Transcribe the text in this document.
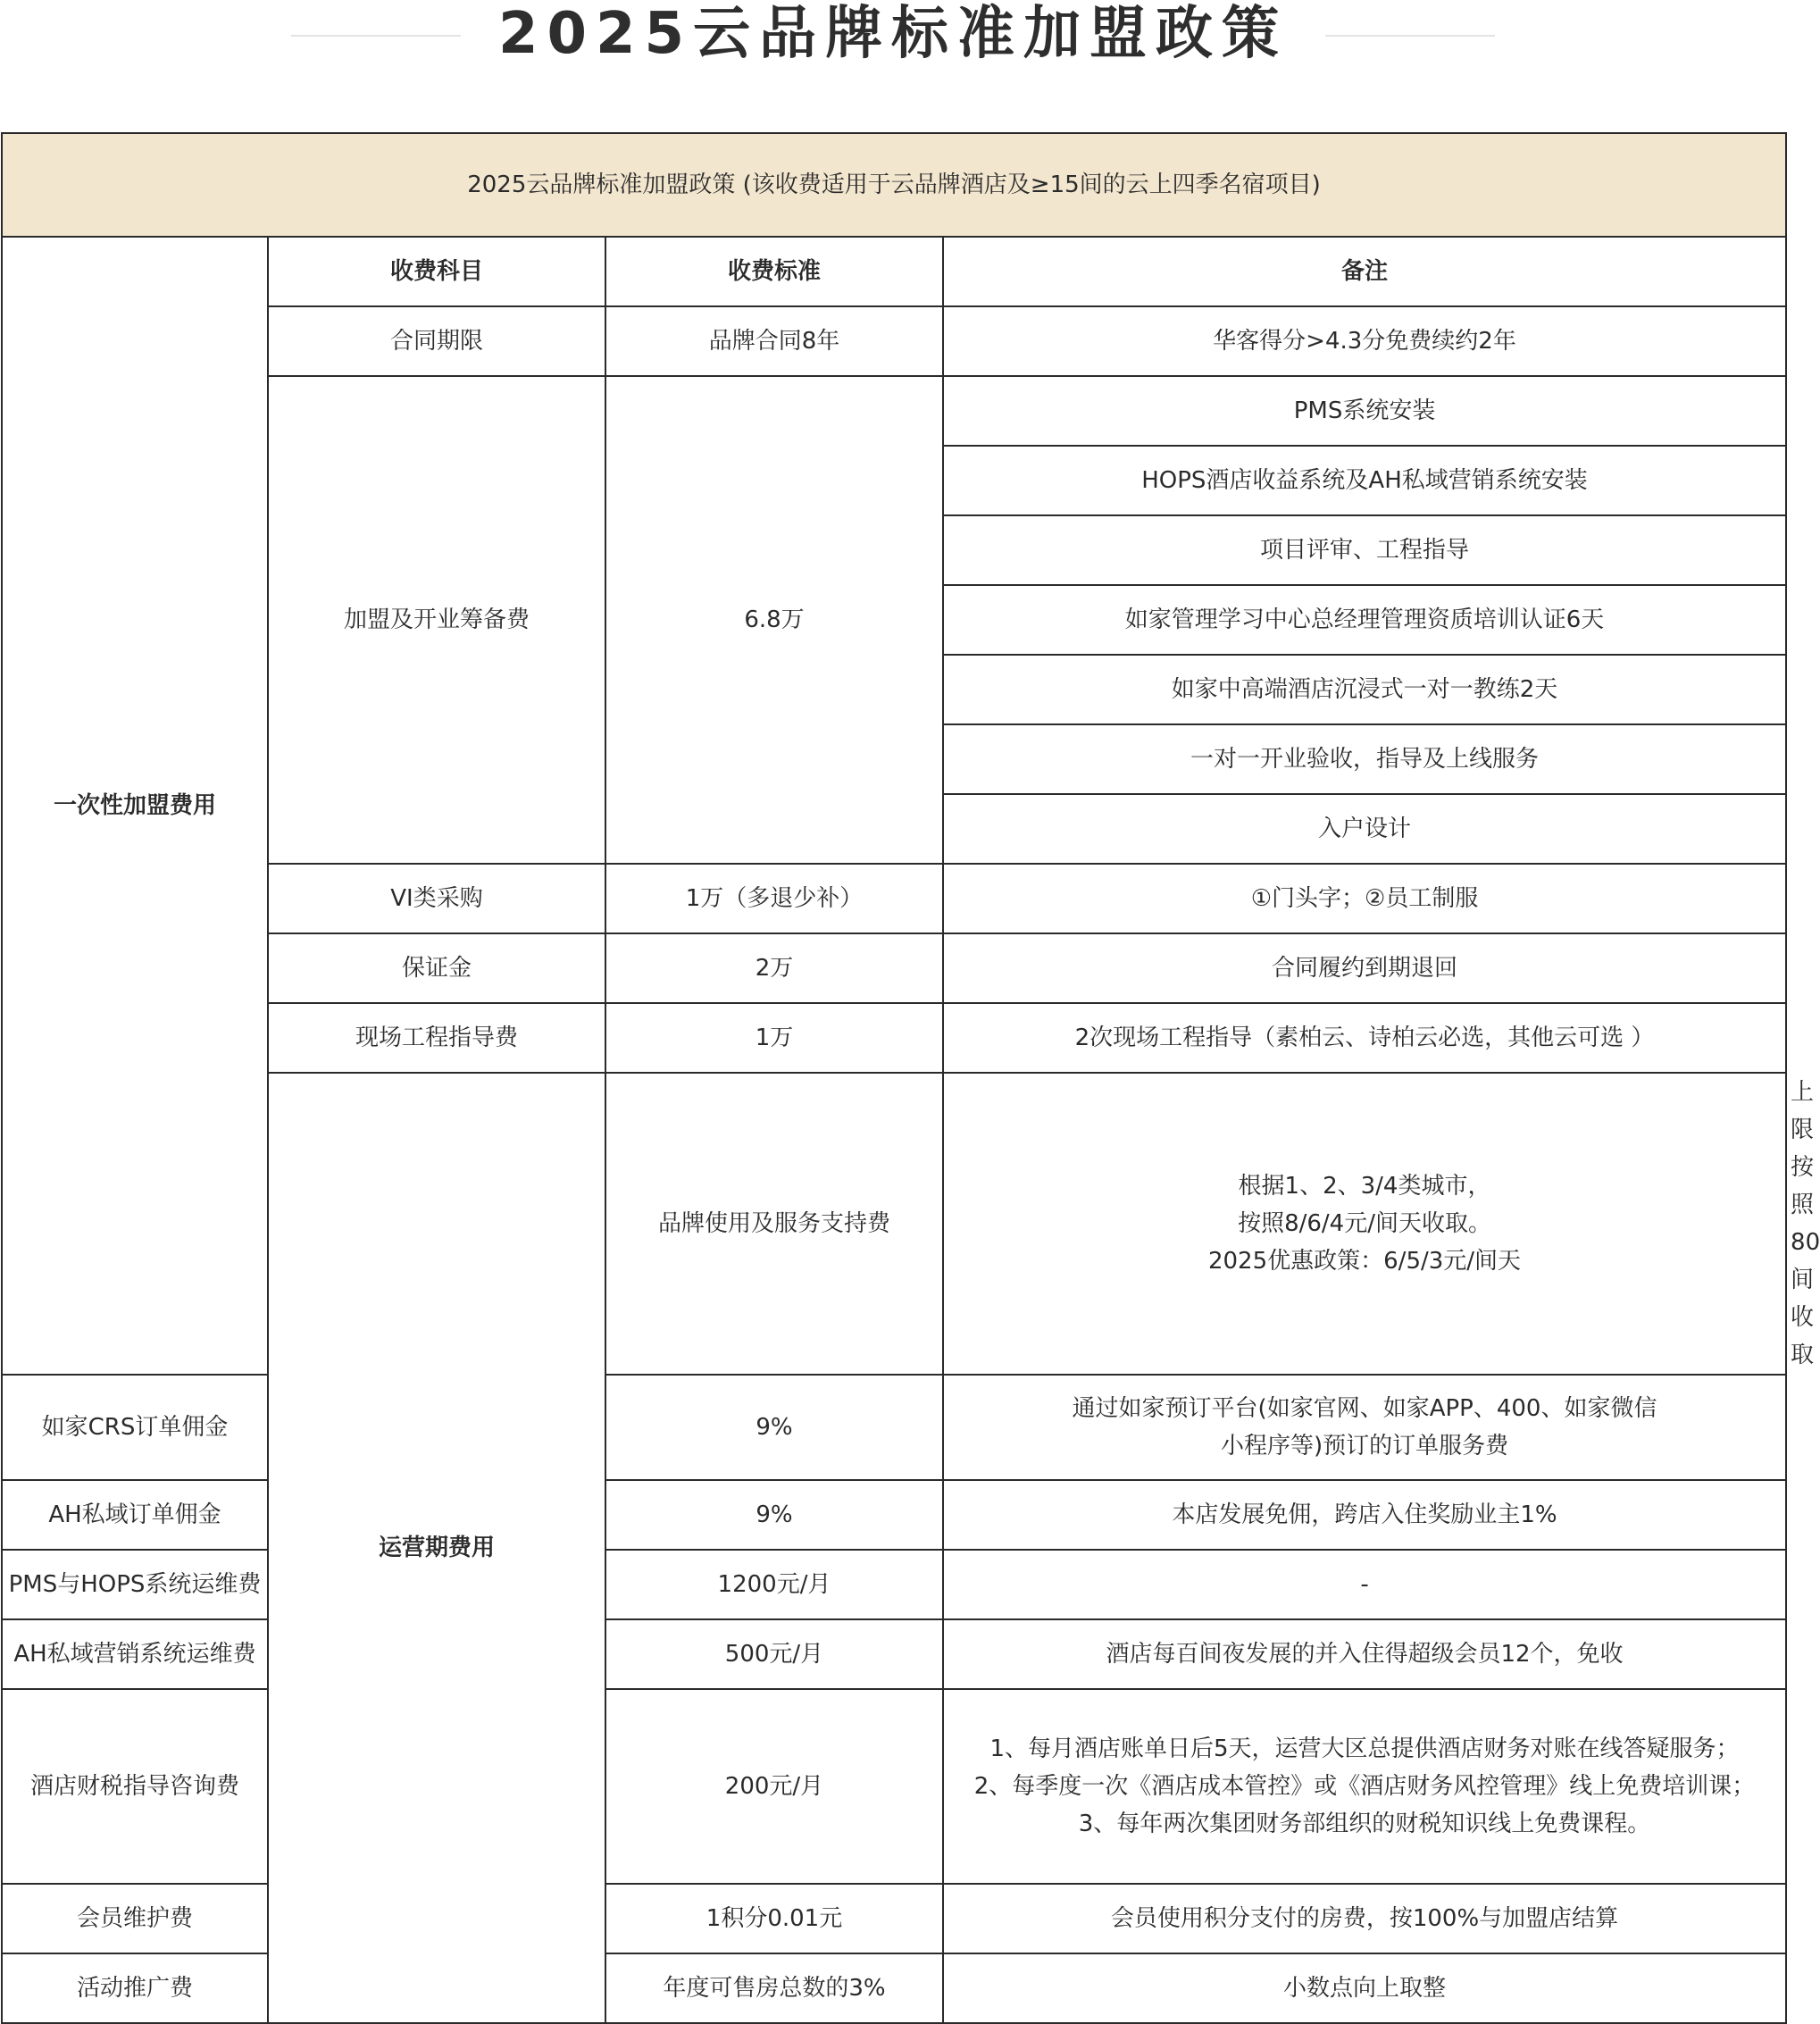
2025云品牌标准加盟政策
2025云品牌标准加盟政策 (该收费适用于云品牌酒店及≥15间的云上四季名宿项目)				
一次性加盟费用	收费科目	收费标准	备注	
	合同期限	品牌合同8年	华客得分>4.3分免费续约2年	
	加盟及开业筹备费	6.8万	PMS系统安装	
			HOPS酒店收益系统及AH私域营销系统安装	
			项目评审、工程指导	
			如家管理学习中心总经理管理资质培训认证6天	
			如家中高端酒店沉浸式一对一教练2天	
			一对一开业验收，指导及上线服务	
			入户设计	
	VI类采购	1万（多退少补）	①门头字；②员工制服	
	保证金	2万	合同履约到期退回	
	现场工程指导费	1万	2次现场工程指导（素柏云、诗柏云必选，其他云可选 ）	
	运营期费用	品牌使用及服务支持费	根据1、2、3/4类城市，
按照8/6/4元/间天收取。
2025优惠政策：6/5/3元/间天	上限按照80间收取
如家CRS订单佣金		9%	通过如家预订平台(如家官网、如家APP、400、如家微信
小程序等)预订的订单服务费	

AH私域订单佣金		9%	本店发展免佣，跨店入住奖励业主1%	
PMS与HOPS系统运维费		1200元/月	-	
AH私域营销系统运维费		500元/月	酒店每百间夜发展的并入住得超级会员12个，免收	
酒店财税指导咨询费		200元/月	1、每月酒店账单日后5天，运营大区总提供酒店财务对账在线答疑服务；
2、每季度一次《酒店成本管控》或《酒店财务风控管理》线上免费培训课；
3、每年两次集团财务部组织的财税知识线上免费课程。	

会员维护费		1积分0.01元	会员使用积分支付的房费，按100%与加盟店结算	
活动推广费		年度可售房总数的3%	小数点向上取整	
